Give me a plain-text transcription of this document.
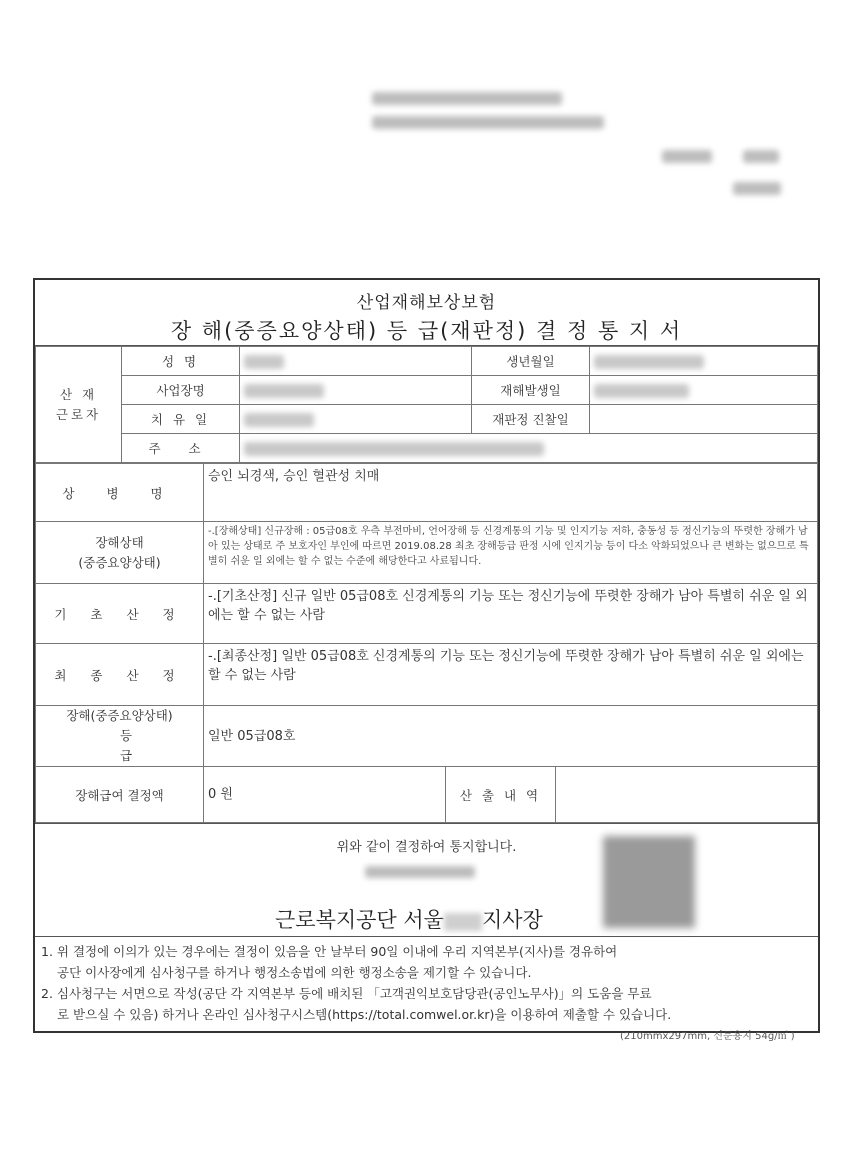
산업재해보상보험
장 해(중증요양상태) 등 급(재판정) 결 정 통 지 서
산 재
근로자	성 명		생년월일	
	사업장명		재해발생일	
	치 유 일		재판정 진찰일	
	주 소			
상 병 명	승인 뇌경색, 승인 혈관성 치매		

장해상태
(중증요양상태)	-.[장해상태] 신규장해 : 05급08호 우측 부전마비, 언어장해 등 신경계통의 기능 및 인지기능 저하, 충동성 등 정신기능의 뚜렷한 장해가 남아 있는 상태로 주 보호자인 부인에 따르면 2019.08.28 최초 장해등급 판정 시에 인지기능 등이 다소 악화되었으나 큰 변화는 없으므로 특별히 쉬운 일 외에는 할 수 없는 수준에 해당한다고 사료됨니다.		
기 초 산 정	-.[기초산정] 신규 일반 05급08호 신경계통의 기능 또는 정신기능에 뚜렷한 장해가 남아 특별히 쉬운 일 외에는 할 수 없는 사람		
최 종 산 정	-.[최종산정] 일반 05급08호 신경계통의 기능 또는 정신기능에 뚜렷한 장해가 남아 특별히 쉬운 일 외에는 할 수 없는 사람		

장해(중증요양상태)
등 급	일반 05급08호		
장해급여 결정액	0 원	산 출 내 역	
위와 같이 결정하여 통지합니다.
근로복지공단 서울 지사장
1. 위 결정에 이의가 있는 경우에는 결정이 있음을 안 날부터 90일 이내에 우리 지역본부(지사)를 경유하여
공단 이사장에게 심사청구를 하거나 행정소송법에 의한 행정소송을 제기할 수 있습니다.
2. 심사청구는 서면으로 작성(공단 각 지역본부 등에 배치된 「고객권익보호담당관(공인노무사)」의 도움을 무료
로 받으실 수 있음) 하거나 온라인 심사청구시스템(https://total.comwel.or.kr)을 이용하여 제출할 수 있습니다.
(210mmx297mm, 신문용지 54g/㎡ )
